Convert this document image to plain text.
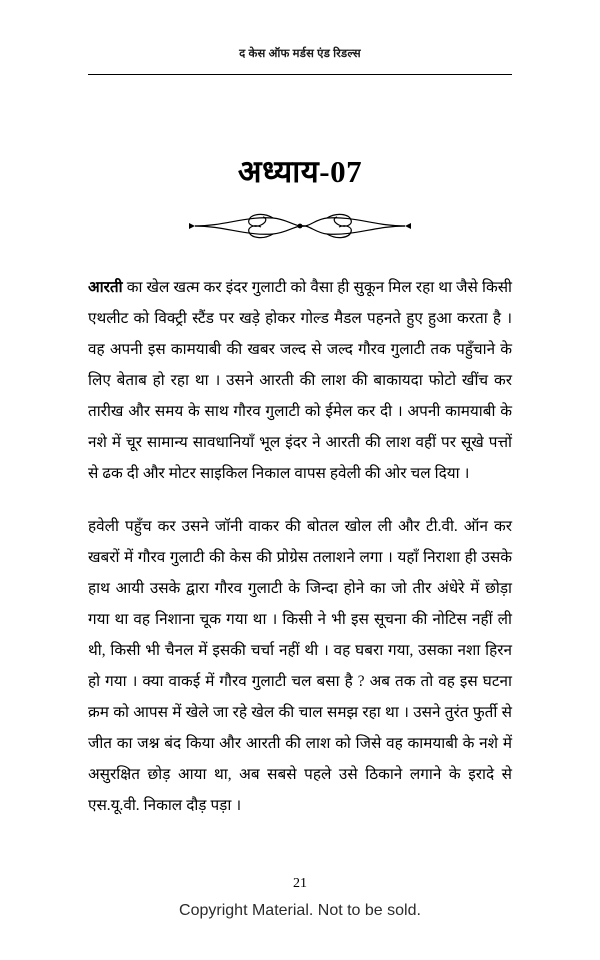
द केस ऑफ मर्डस एंड रिडल्स
अध्याय-07

आरती का खेल खत्म कर इंदर गुलाटी को वैसा ही सुकून मिल रहा था जैसे किसी एथलीट को विक्ट्री स्टैंड पर खड़े होकर गोल्ड मैडल पहनते हुए हुआ करता है । वह अपनी इस कामयाबी की खबर जल्द से जल्द गौरव गुलाटी तक पहुँचाने के लिए बेताब हो रहा था । उसने आरती की लाश की बाकायदा फोटो खींच कर तारीख और समय के साथ गौरव गुलाटी को ईमेल कर दी । अपनी कामयाबी के नशे में चूर सामान्य सावधानियाँ भूल इंदर ने आरती की लाश वहीं पर सूखे पत्तों से ढक दी और मोटर साइकिल निकाल वापस हवेली की ओर चल दिया ।

हवेली पहुँच कर उसने जॉनी वाकर की बोतल खोल ली और टी.वी. ऑन कर खबरों में गौरव गुलाटी की केस की प्रोग्रेस तलाशने लगा । यहाँ निराशा ही उसके हाथ आयी उसके द्वारा गौरव गुलाटी के जिन्दा होने का जो तीर अंधेरे में छोड़ा गया था वह निशाना चूक गया था । किसी ने भी इस सूचना की नोटिस नहीं ली थी, किसी भी चैनल में इसकी चर्चा नहीं थी । वह घबरा गया, उसका नशा हिरन हो गया । क्या वाकई में गौरव गुलाटी चल बसा है ? अब तक तो वह इस घटना क्रम को आपस में खेले जा रहे खेल की चाल समझ रहा था । उसने तुरंत फुर्ती से जीत का जश्न बंद किया और आरती की लाश को जिसे वह कामयाबी के नशे में असुरक्षित छोड़ आया था, अब सबसे पहले उसे ठिकाने लगाने के इरादे से एस.यू.वी. निकाल दौड़ पड़ा ।

21
Copyright Material. Not to be sold.
